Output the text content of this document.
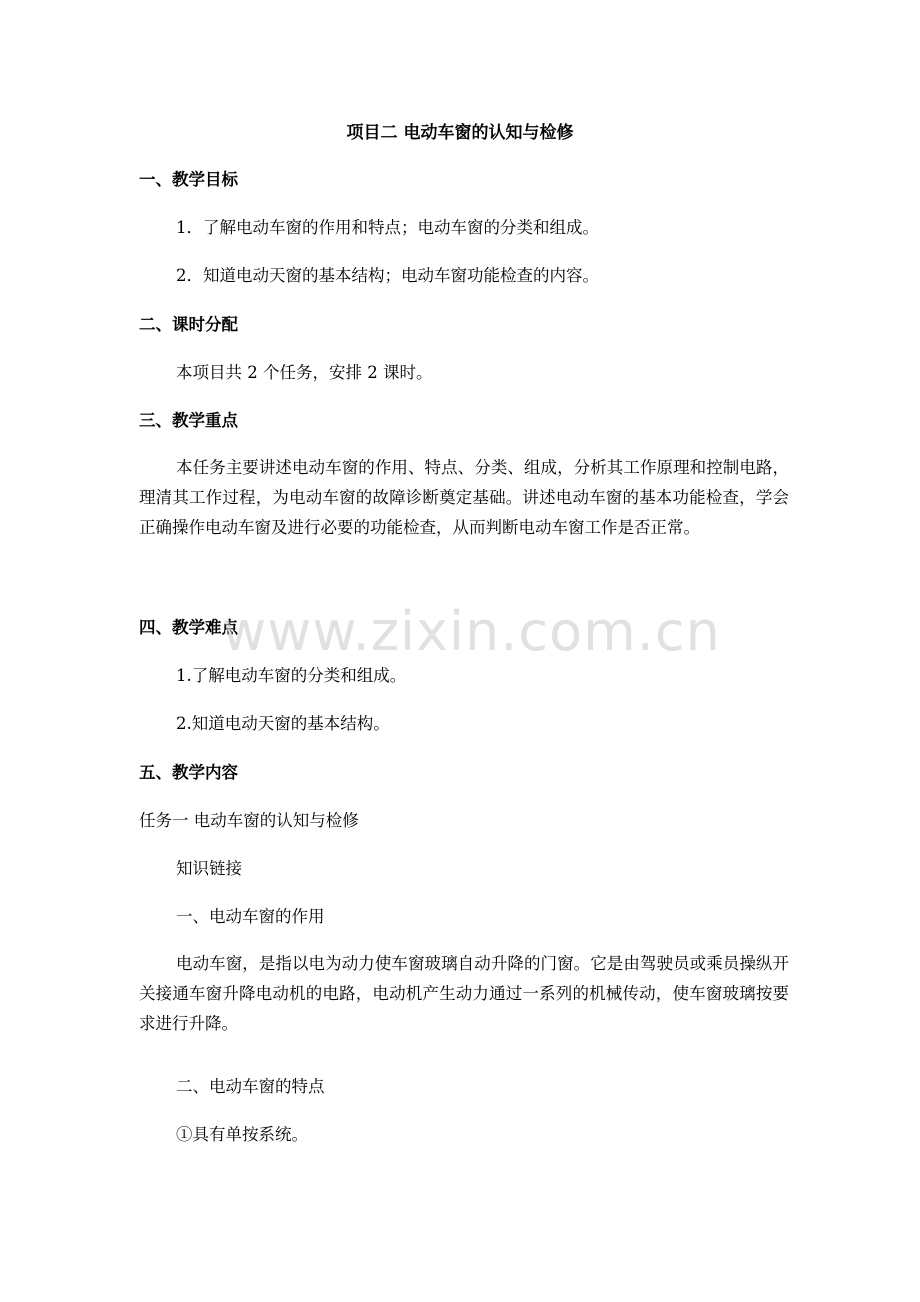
项目二 电动车窗的认知与检修
一、教学目标
1．了解电动车窗的作用和特点；电动车窗的分类和组成。
2．知道电动天窗的基本结构；电动车窗功能检查的内容。
二、课时分配
本项目共 2 个任务，安排 2 课时。
三、教学重点
本任务主要讲述电动车窗的作用、特点、分类、组成，分析其工作原理和控制电路，理清其工作过程，为电动车窗的故障诊断奠定基础。讲述电动车窗的基本功能检查，学会正确操作电动车窗及进行必要的功能检查，从而判断电动车窗工作是否正常。
四、教学难点
1.了解电动车窗的分类和组成。
2.知道电动天窗的基本结构。
五、教学内容
任务一 电动车窗的认知与检修
知识链接
一、电动车窗的作用
电动车窗，是指以电为动力使车窗玻璃自动升降的门窗。它是由驾驶员或乘员操纵开关接通车窗升降电动机的电路，电动机产生动力通过一系列的机械传动，使车窗玻璃按要求进行升降。
二、电动车窗的特点
①具有单按系统。
www.zixin.com.cn
